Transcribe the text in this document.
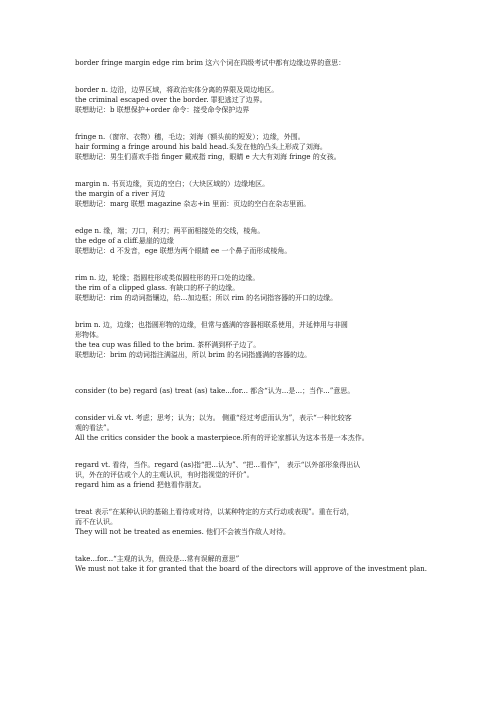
border fringe margin edge rim brim 这六个词在四级考试中都有边缘边界的意思：
border n. 边沿，边界区域，将政治实体分离的界限及周边地区。
the criminal escaped over the border. 罪犯逃过了边界。
联想助记：b 联想保护+order 命令：接受命令保护边界
fringe n.（窗帘、衣物）穗，毛边；刘海（额头前的短发）；边缘，外围。
hair forming a fringe around his bald head.头发在他的凸头上形成了刘海。
联想助记：男生们喜欢手指 finger 戴戒指 ring，眼睛 e 大大有刘海 fringe 的女孩。
margin n. 书页边缘，页边的空白；（大块区域的）边缘地区。
the margin of a river 河边
联想助记：marg 联想 magazine 杂志+in 里面：页边的空白在杂志里面。
edge n. 缘，端；刀口，利刃；两平面相接处的交线，棱角。
the edge of a cliff.悬崖的边缘
联想助记：d 不发音，ege 联想为两个眼睛 ee 一个鼻子而形成棱角。
rim n. 边，轮缘；指圆柱形或类似圆柱形的开口处的边缘。
the rim of a clipped glass. 有缺口的杯子的边缘。
联想助记：rim 的动词指镶边，给…加边框；所以 rim 的名词指容器的开口的边缘。
brim n. 边，边缘；也指圆形物的边缘，但常与盛满的容器相联系使用，并延伸用与非圆
形物体。
the tea cup was filled to the brim. 茶杯满到杯子边了。
联想助记：brim 的动词指注满溢出，所以 brim 的名词指盛满的容器的边。
consider (to be) regard (as) treat (as) take...for... 都含“认为...是...；当作...”意思。
consider vi.& vt. 考虑；思考；认为；以为。 侧重“经过考虑而认为”，表示“一种比较客
观的看法”。
All the critics consider the book a masterpiece.所有的评论家都认为这本书是一本杰作。
regard vt. 看待，当作。regard (as)指“把...认为”、“把...看作”， 表示“以外部形象得出认
识，外在的评估或个人的主观认识，有时指视觉的评价”。
regard him as a friend 把他看作朋友。
treat 表示“在某种认识的基础上看待或对待，以某种特定的方式行动或表现”。重在行动，
而不在认识。
They will not be treated as enemies. 他们不会被当作敌人对待。
take...for...“主观的认为，假设是…常有误解的意思”
We must not take it for granted that the board of the directors will approve of the investment plan.
